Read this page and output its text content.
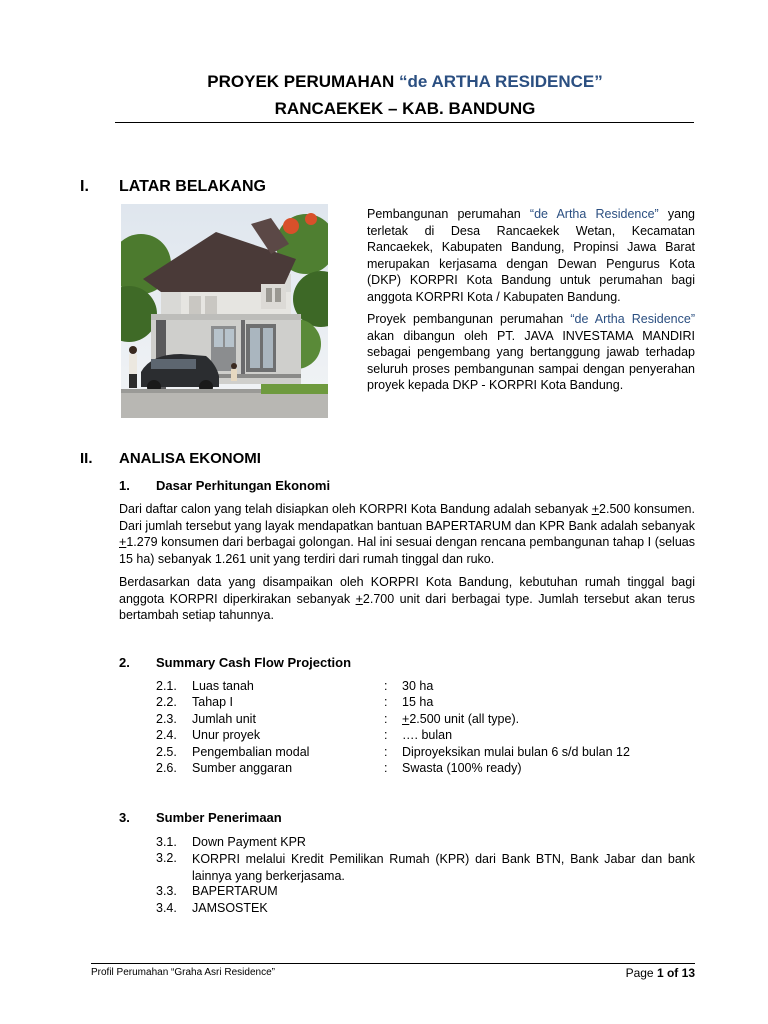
PROYEK PERUMAHAN “de ARTHA RESIDENCE”
RANCAEKEK – KAB. BANDUNG
I. LATAR BELAKANG
Pembangunan perumahan “de Artha Residence” yang terletak di Desa Rancaekek Wetan, Kecamatan Rancaekek, Kabupaten Bandung, Propinsi Jawa Barat merupakan kerjasama dengan Dewan Pengurus Kota (DKP) KORPRI Kota Bandung untuk perumahan bagi anggota KORPRI Kota / Kabupaten Bandung.
Proyek pembangunan perumahan “de Artha Residence” akan dibangun oleh PT. JAVA INVESTAMA MANDIRI sebagai pengembang yang bertanggung jawab terhadap seluruh proses pembangunan sampai dengan penyerahan proyek kepada DKP - KORPRI Kota Bandung.
II. ANALISA EKONOMI
1. Dasar Perhitungan Ekonomi
Dari daftar calon yang telah disiapkan oleh KORPRI Kota Bandung adalah sebanyak +2.500 konsumen. Dari jumlah tersebut yang layak mendapatkan bantuan BAPERTARUM dan KPR Bank adalah sebanyak +1.279 konsumen dari berbagai golongan. Hal ini sesuai dengan rencana pembangunan tahap I (seluas 15 ha) sebanyak 1.261 unit yang terdiri dari rumah tinggal dan ruko.
Berdasarkan data yang disampaikan oleh KORPRI Kota Bandung, kebutuhan rumah tinggal bagi anggota KORPRI diperkirakan sebanyak +2.700 unit dari berbagai type. Jumlah tersebut akan terus bertambah setiap tahunnya.
2. Summary Cash Flow Projection
2.1. Luas tanah	: 30 ha
2.2. Tahap I	: 15 ha
2.3. Jumlah unit	: +2.500 unit (all type).
2.4. Unur proyek	: …. bulan
2.5. Pengembalian modal	: Diproyeksikan mulai bulan 6 s/d bulan 12
2.6. Sumber anggaran	: Swasta (100% ready)
3. Sumber Penerimaan
3.1. Down Payment KPR
3.2. KORPRI melalui Kredit Pemilikan Rumah (KPR) dari Bank BTN, Bank Jabar dan bank lainnya yang berkerjasama.
3.3. BAPERTARUM
3.4. JAMSOSTEK
Profil Perumahan “Graha Asri Residence”	Page 1 of 13
